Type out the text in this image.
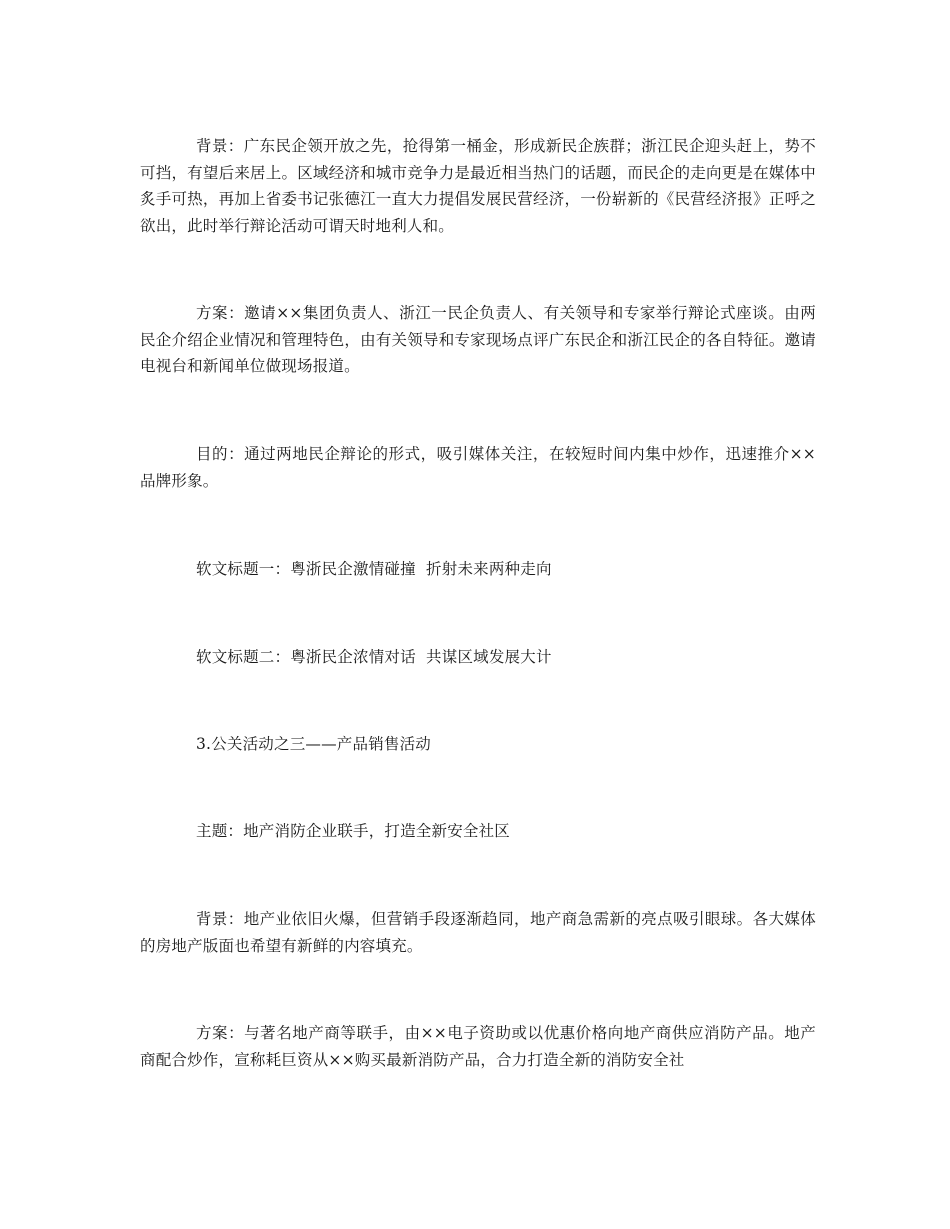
背景：广东民企领开放之先，抢得第一桶金，形成新民企族群；浙江民企迎头赶上，势不可挡，有望后来居上。区域经济和城市竞争力是最近相当热门的话题，而民企的走向更是在媒体中炙手可热，再加上省委书记张德江一直大力提倡发展民营经济，一份崭新的《民营经济报》正呼之欲出，此时举行辩论活动可谓天时地利人和。

方案：邀请××集团负责人、浙江一民企负责人、有关领导和专家举行辩论式座谈。由两民企介绍企业情况和管理特色，由有关领导和专家现场点评广东民企和浙江民企的各自特征。邀请电视台和新闻单位做现场报道。

目的：通过两地民企辩论的形式，吸引媒体关注，在较短时间内集中炒作，迅速推介××品牌形象。

软文标题一：粤浙民企激情碰撞  折射未来两种走向

软文标题二：粤浙民企浓情对话  共谋区域发展大计

3.公关活动之三——产品销售活动

主题：地产消防企业联手，打造全新安全社区

背景：地产业依旧火爆，但营销手段逐渐趋同，地产商急需新的亮点吸引眼球。各大媒体的房地产版面也希望有新鲜的内容填充。

方案：与著名地产商等联手，由××电子资助或以优惠价格向地产商供应消防产品。地产商配合炒作，宣称耗巨资从××购买最新消防产品，合力打造全新的消防安全社
